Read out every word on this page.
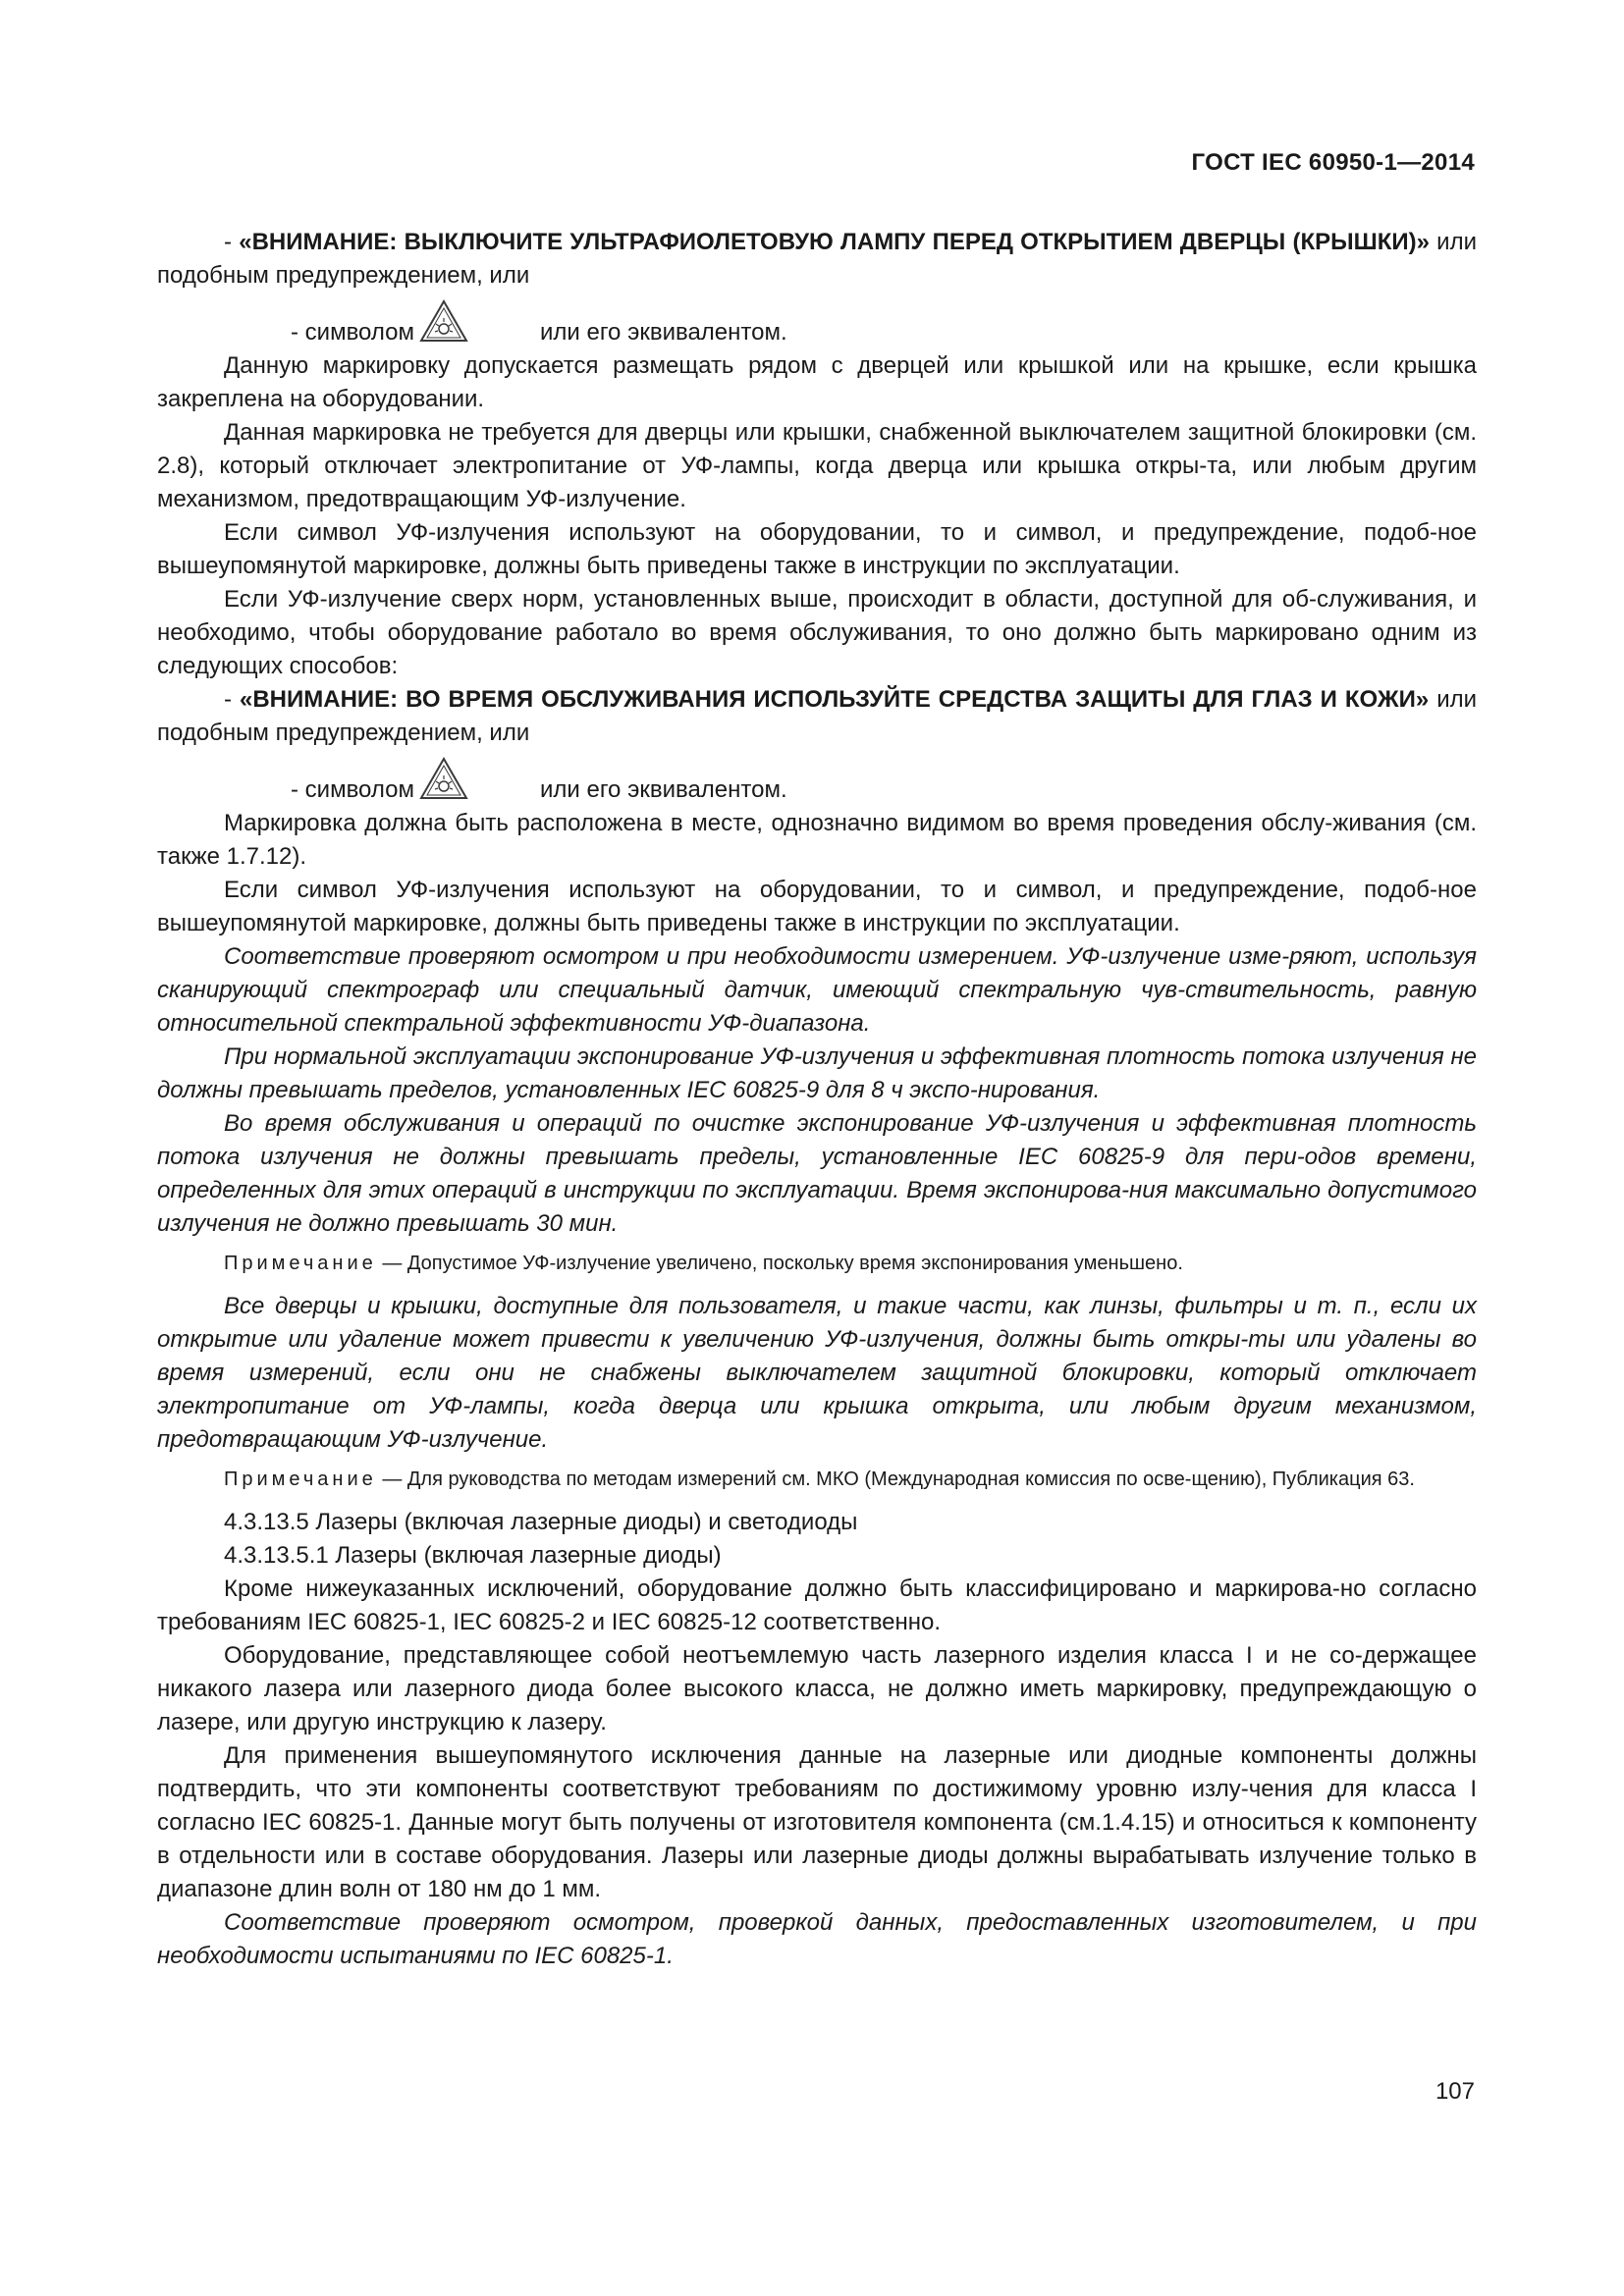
ГОСТ IEC 60950-1—2014

- «ВНИМАНИЕ: ВЫКЛЮЧИТЕ УЛЬТРАФИОЛЕТОВУЮ ЛАМПУ ПЕРЕД ОТКРЫТИЕМ ДВЕРЦЫ (КРЫШКИ)» или подобным предупреждением, или

- символом	или его эквивалентом.

Данную маркировку допускается размещать рядом с дверцей или крышкой или на крышке, если крышка закреплена на оборудовании.

Данная маркировка не требуется для дверцы или крышки, снабженной выключателем защитной блокировки (см. 2.8), который отключает электропитание от УФ-лампы, когда дверца или крышка откры-та, или любым другим механизмом, предотвращающим УФ-излучение.

Если символ УФ-излучения используют на оборудовании, то и символ, и предупреждение, подоб-ное вышеупомянутой маркировке, должны быть приведены также в инструкции по эксплуатации.

Если УФ-излучение сверх норм, установленных выше, происходит в области, доступной для об-служивания, и необходимо, чтобы оборудование работало во время обслуживания, то оно должно быть маркировано одним из следующих способов:

- «ВНИМАНИЕ: ВО ВРЕМЯ ОБСЛУЖИВАНИЯ ИСПОЛЬЗУЙТЕ СРЕДСТВА ЗАЩИТЫ ДЛЯ ГЛАЗ И КОЖИ» или подобным предупреждением, или

- символом	или его эквивалентом.

Маркировка должна быть расположена в месте, однозначно видимом во время проведения обслу-живания (см. также 1.7.12).

Если символ УФ-излучения используют на оборудовании, то и символ, и предупреждение, подоб-ное вышеупомянутой маркировке, должны быть приведены также в инструкции по эксплуатации.

Соответствие проверяют осмотром и при необходимости измерением. УФ-излучение изме-ряют, используя сканирующий спектрограф или специальный датчик, имеющий спектральную чув-ствительность, равную относительной спектральной эффективности УФ-диапазона.

При нормальной эксплуатации экспонирование УФ-излучения и эффективная плотность потока излучения не должны превышать пределов, установленных IEC 60825-9 для 8 ч экспо-нирования.

Во время обслуживания и операций по очистке экспонирование УФ-излучения и эффективная плотность потока излучения не должны превышать пределы, установленные IEC 60825-9 для пери-одов времени, определенных для этих операций в инструкции по эксплуатации. Время экспонирова-ния максимально допустимого излучения не должно превышать 30 мин.

Примечание — Допустимое УФ-излучение увеличено, поскольку время экспонирования уменьшено.

Все дверцы и крышки, доступные для пользователя, и такие части, как линзы, фильтры и т. п., если их открытие или удаление может привести к увеличению УФ-излучения, должны быть откры-ты или удалены во время измерений, если они не снабжены выключателем защитной блокировки, который отключает электропитание от УФ-лампы, когда дверца или крышка открыта, или любым другим механизмом, предотвращающим УФ-излучение.

Примечание — Для руководства по методам измерений см. МКО (Международная комиссия по осве-щению), Публикация 63.

4.3.13.5 Лазеры (включая лазерные диоды) и светодиоды

4.3.13.5.1 Лазеры (включая лазерные диоды)

Кроме нижеуказанных исключений, оборудование должно быть классифицировано и маркирова-но согласно требованиям IEC 60825-1, IEC 60825-2 и IEC 60825-12 соответственно.

Оборудование, представляющее собой неотъемлемую часть лазерного изделия класса I и не со-держащее никакого лазера или лазерного диода более высокого класса, не должно иметь маркировку, предупреждающую о лазере, или другую инструкцию к лазеру.

Для применения вышеупомянутого исключения данные на лазерные или диодные компоненты должны подтвердить, что эти компоненты соответствуют требованиям по достижимому уровню излу-чения для класса I согласно IEC 60825-1. Данные могут быть получены от изготовителя компонента (см.1.4.15) и относиться к компоненту в отдельности или в составе оборудования. Лазеры или лазерные диоды должны вырабатывать излучение только в диапазоне длин волн от 180 нм до 1 мм.

Соответствие проверяют осмотром, проверкой данных, предоставленных изготовителем, и при необходимости испытаниями по IEC 60825-1.

107
